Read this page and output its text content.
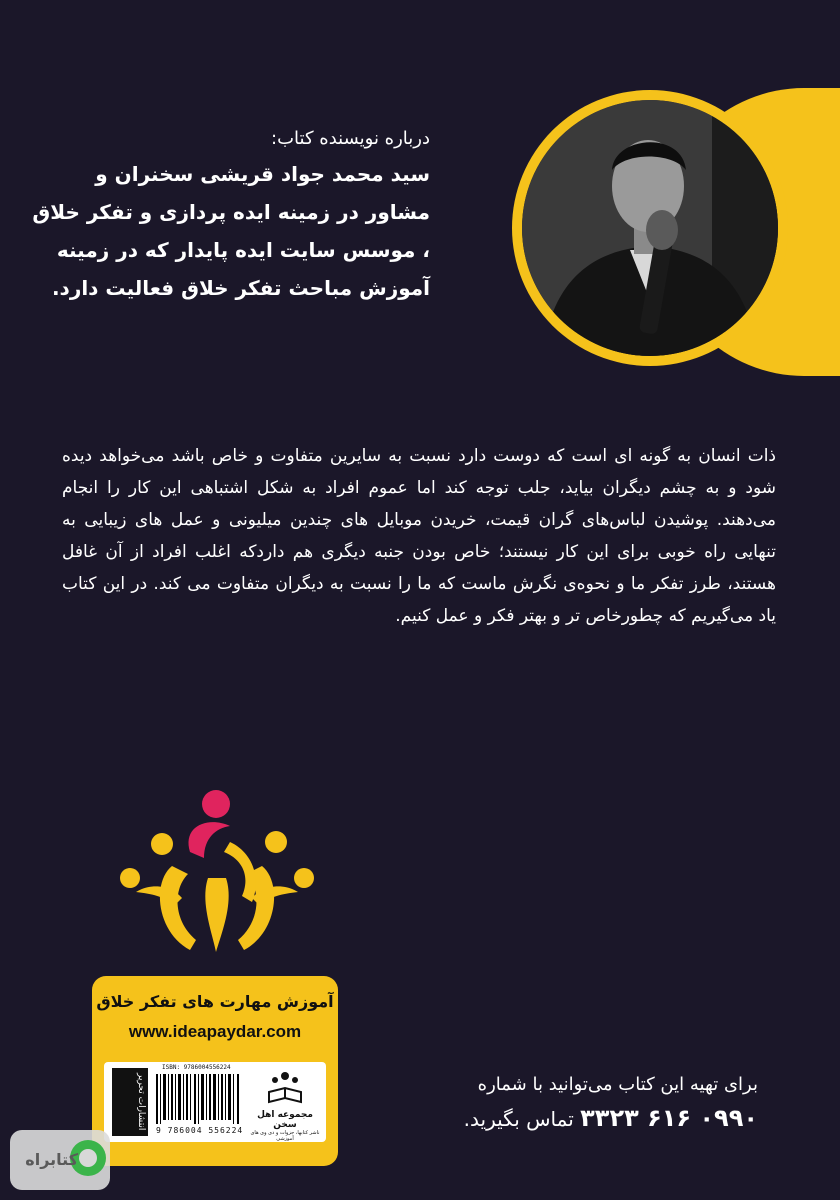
درباره نویسنده کتاب:

سید محمد جواد قریشی سخنران و مشاور در زمینه ایده پردازی و تفکر خلاق ، موسس سایت ایده پایدار که در زمینه آموزش مباحث تفکر خلاق فعالیت دارد.

ذات انسان به گونه ای است که دوست دارد نسبت به سایرین متفاوت و خاص باشد می‌خواهد دیده شود و به چشم دیگران بیاید، جلب توجه کند اما عموم افراد به شکل اشتباهی این کار را انجام می‌دهند. پوشیدن لباس‌های گران قیمت، خریدن موبایل های چندین میلیونی و عمل های زیبایی به تنهایی راه خوبی برای این کار نیستند؛ خاص بودن جنبه دیگری هم داردکه اغلب افراد از آن غافل هستند، طرز تفکر ما و نحوه‌ی نگرش ماست که ما را نسبت به دیگران متفاوت می کند. در این کتاب یاد می‌گیریم که چطورخاص تر و بهتر فکر و عمل کنیم.

آموزش مهارت های تفکر خلاق
www.ideapaydar.com
انتشارات تحریر
ISBN: 9786004556224
9 786004 556224
مجموعه اهل سخن
ناشر کتابها، جزوات و دی وی های آموزشی

برای تهیه این کتاب می‌توانید با شماره

۰۹۹۰ ۶۱۶ ۳۳۲۳ تماس بگیرید.

کتابراه
